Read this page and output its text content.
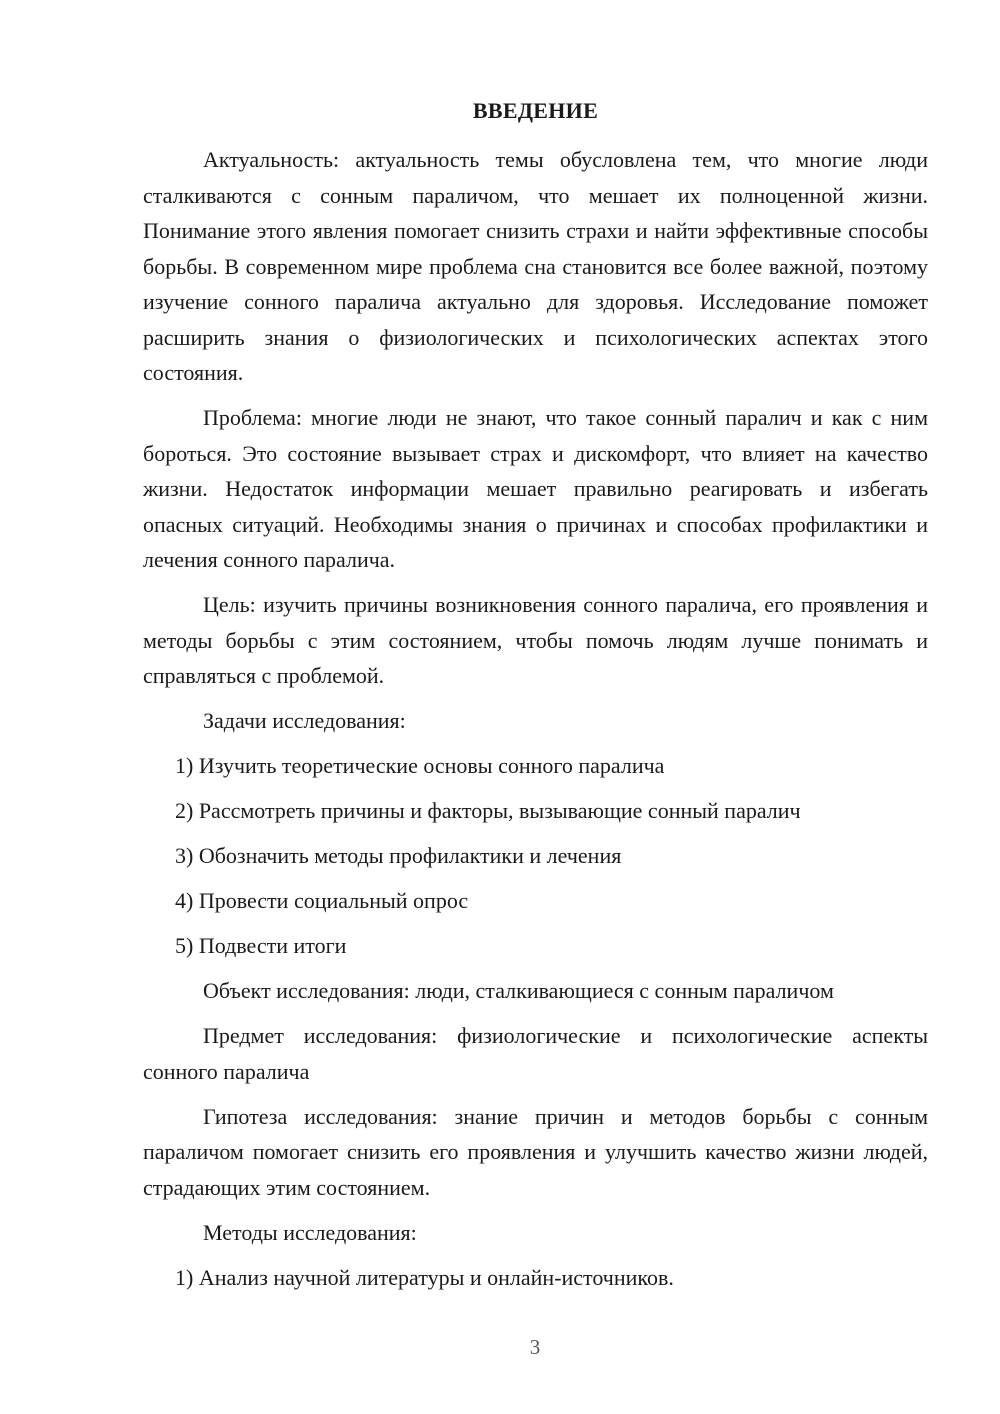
ВВЕДЕНИЕ

Актуальность: актуальность темы обусловлена тем, что многие люди сталкиваются с сонным параличом, что мешает их полноценной жизни. Понимание этого явления помогает снизить страхи и найти эффективные способы борьбы. В современном мире проблема сна становится все более важной, поэтому изучение сонного паралича актуально для здоровья. Исследование поможет расширить знания о физиологических и психологических аспектах этого состояния.

Проблема: многие люди не знают, что такое сонный паралич и как с ним бороться. Это состояние вызывает страх и дискомфорт, что влияет на качество жизни. Недостаток информации мешает правильно реагировать и избегать опасных ситуаций. Необходимы знания о причинах и способах профилактики и лечения сонного паралича.

Цель: изучить причины возникновения сонного паралича, его проявления и методы борьбы с этим состоянием, чтобы помочь людям лучше понимать и справляться с проблемой.

Задачи исследования:

1) Изучить теоретические основы сонного паралича
2) Рассмотреть причины и факторы, вызывающие сонный паралич
3) Обозначить методы профилактики и лечения
4) Провести социальный опрос
5) Подвести итоги

Объект исследования: люди, сталкивающиеся с сонным параличом

Предмет исследования: физиологические и психологические аспекты сонного паралича

Гипотеза исследования: знание причин и методов борьбы с сонным параличом помогает снизить его проявления и улучшить качество жизни людей, страдающих этим состоянием.

Методы исследования:

1) Анализ научной литературы и онлайн-источников.
3
